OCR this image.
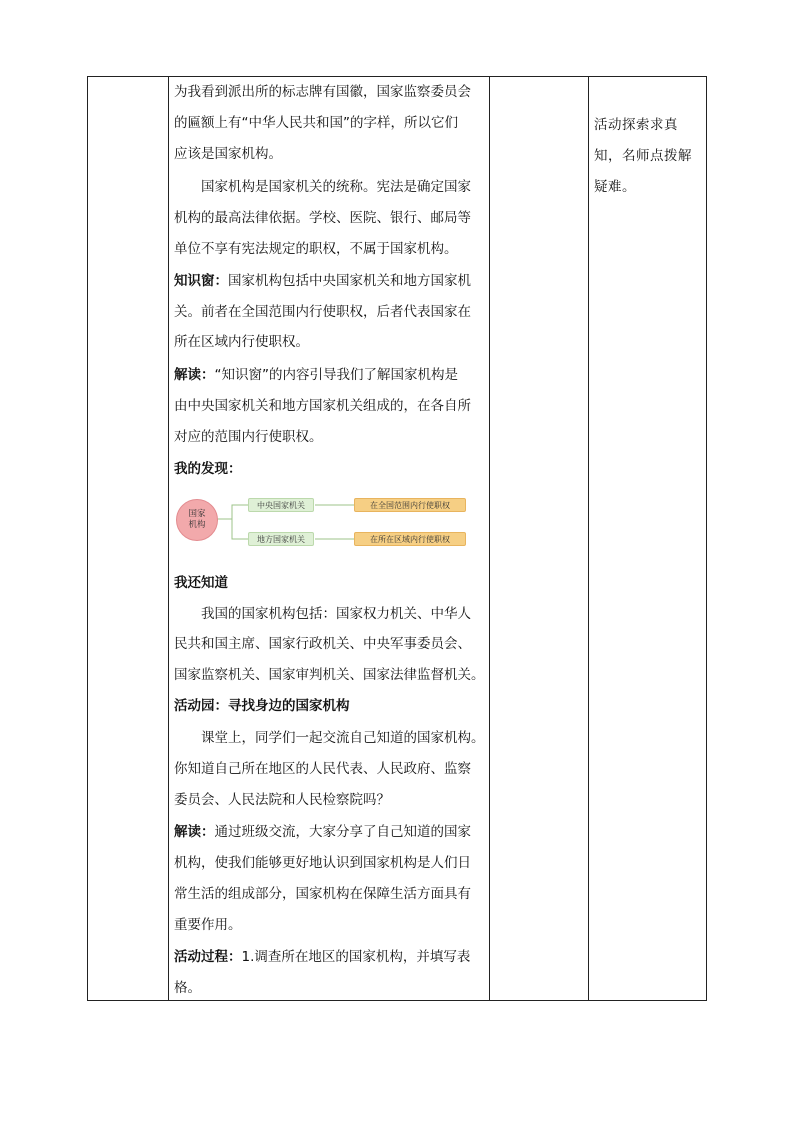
为我看到派出所的标志牌有国徽，国家监察委员会
的匾额上有“中华人民共和国”的字样，所以它们
应该是国家机构。
　　国家机构是国家机关的统称。宪法是确定国家
机构的最高法律依据。学校、医院、银行、邮局等
单位不享有宪法规定的职权，不属于国家机构。
知识窗：国家机构包括中央国家机关和地方国家机
关。前者在全国范围内行使职权，后者代表国家在
所在区域内行使职权。
解读：“知识窗”的内容引导我们了解国家机构是
由中央国家机关和地方国家机关组成的，在各自所
对应的范围内行使职权。
我的发现：
国家
机构
中央国家机关
地方国家机关
在全国范围内行使职权
在所在区域内行使职权
我还知道
　　我国的国家机构包括：国家权力机关、中华人
民共和国主席、国家行政机关、中央军事委员会、
国家监察机关、国家审判机关、国家法律监督机关。
活动园：寻找身边的国家机构
　　课堂上，同学们一起交流自己知道的国家机构。
你知道自己所在地区的人民代表、人民政府、监察
委员会、人民法院和人民检察院吗？
解读：通过班级交流，大家分享了自己知道的国家
机构，使我们能够更好地认识到国家机构是人们日
常生活的组成部分，国家机构在保障生活方面具有
重要作用。
活动过程：1.调查所在地区的国家机构，并填写表
格。
活动探索求真
知，名师点拨解
疑难。
